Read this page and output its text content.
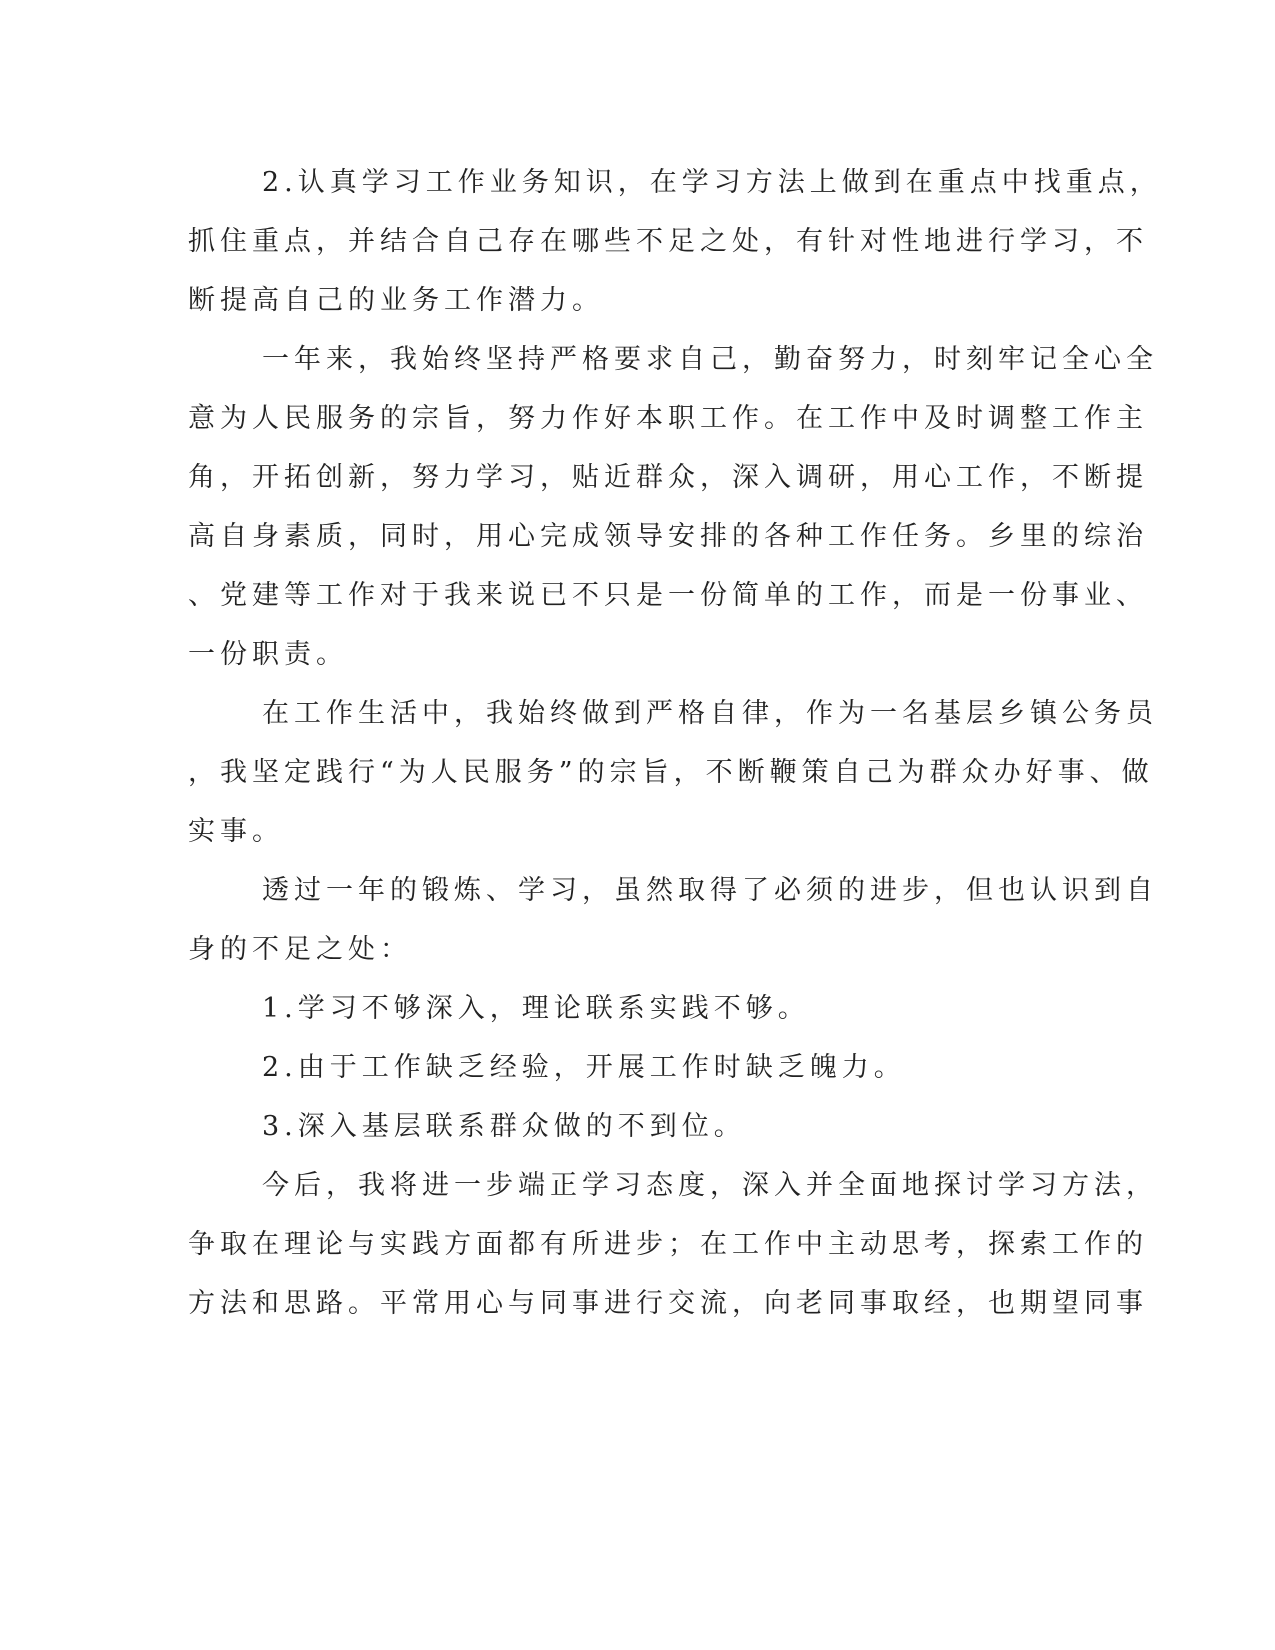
2.认真学习工作业务知识，在学习方法上做到在重点中找重点，
抓住重点，并结合自己存在哪些不足之处，有针对性地进行学习，不
断提高自己的业务工作潜力。
一年来，我始终坚持严格要求自己，勤奋努力，时刻牢记全心全
意为人民服务的宗旨，努力作好本职工作。在工作中及时调整工作主
角，开拓创新，努力学习，贴近群众，深入调研，用心工作，不断提
高自身素质，同时，用心完成领导安排的各种工作任务。乡里的综治
、党建等工作对于我来说已不只是一份简单的工作，而是一份事业、
一份职责。
在工作生活中，我始终做到严格自律，作为一名基层乡镇公务员
，我坚定践行“为人民服务”的宗旨，不断鞭策自己为群众办好事、做
实事。
透过一年的锻炼、学习，虽然取得了必须的进步，但也认识到自
身的不足之处：
1.学习不够深入，理论联系实践不够。
2.由于工作缺乏经验，开展工作时缺乏魄力。
3.深入基层联系群众做的不到位。
今后，我将进一步端正学习态度，深入并全面地探讨学习方法，
争取在理论与实践方面都有所进步；在工作中主动思考，探索工作的
方法和思路。平常用心与同事进行交流，向老同事取经，也期望同事
